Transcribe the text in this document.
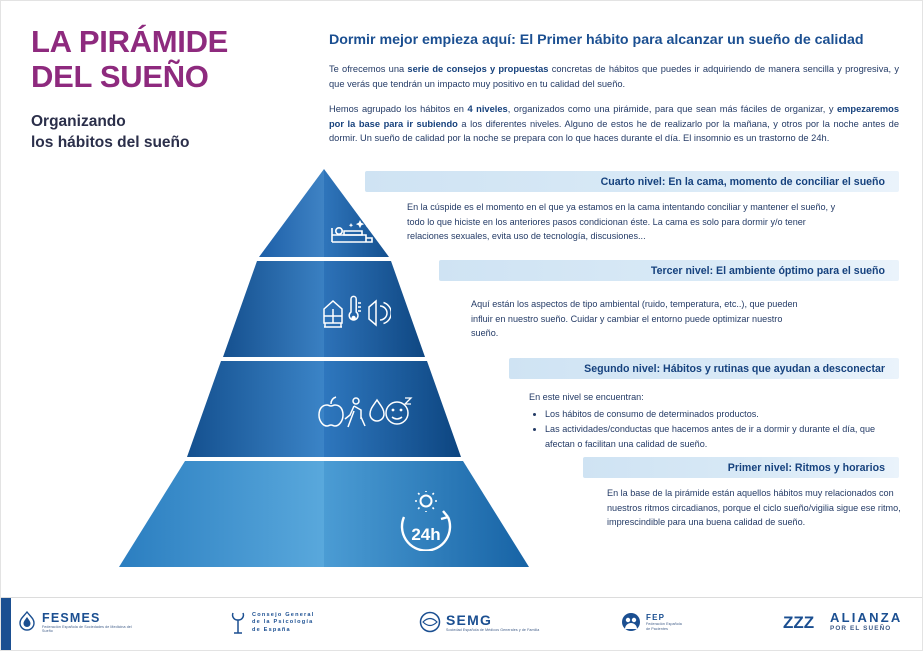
LA PIRÁMIDE
DEL SUEÑO
Organizando
los hábitos del sueño
Dormir mejor empieza aquí: El Primer hábito para alcanzar un sueño de calidad

Te ofrecemos una serie de consejos y propuestas concretas de hábitos que puedes ir adquiriendo de manera sencilla y progresiva, y que verás que tendrán un impacto muy positivo en tu calidad del sueño.

Hemos agrupado los hábitos en 4 niveles, organizados como una pirámide, para que sean más fáciles de organizar, y empezaremos por la base para ir subiendo a los diferentes niveles. Alguno de estos he de realizarlo por la mañana, y otros por la noche antes de dormir. Un sueño de calidad por la noche se prepara con lo que haces durante el día. El insomnio es un trastorno de 24h.

24h
Cuarto nivel: En la cama, momento de conciliar el sueño
Tercer nivel: El ambiente óptimo para el sueño
Segundo nivel: Hábitos y rutinas que ayudan a desconectar
Primer nivel: Ritmos y horarios
En la cúspide es el momento en el que ya estamos en la cama intentando conciliar y mantener el sueño, y todo lo que hiciste en los anteriores pasos condicionan éste. La cama es solo para dormir y/o tener relaciones sexuales, evita uso de tecnología, discusiones...
Aquí están los aspectos de tipo ambiental (ruido, temperatura, etc..), que pueden influir en nuestro sueño. Cuidar y cambiar el entorno puede optimizar nuestro sueño.
En este nivel se encuentran:
• Los hábitos de consumo de determinados productos.
• Las actividades/conductas que hacemos antes de ir a dormir y durante el día, que afectan o facilitan una calidad de sueño.
En la base de la pirámide están aquellos hábitos muy relacionados con nuestros ritmos circadianos, porque el ciclo sueño/vigilia sigue ese ritmo, imprescindible para una buena calidad de sueño.
FESMES
Federación Española de Sociedades de Medicina del Sueño
Consejo General
de la Psicología
de España
SEMG
Sociedad Española de Médicos Generales y de Familia
FEP
Federación Española
de Pacientes	ZZZ ALIANZA
POR EL SUEÑO
